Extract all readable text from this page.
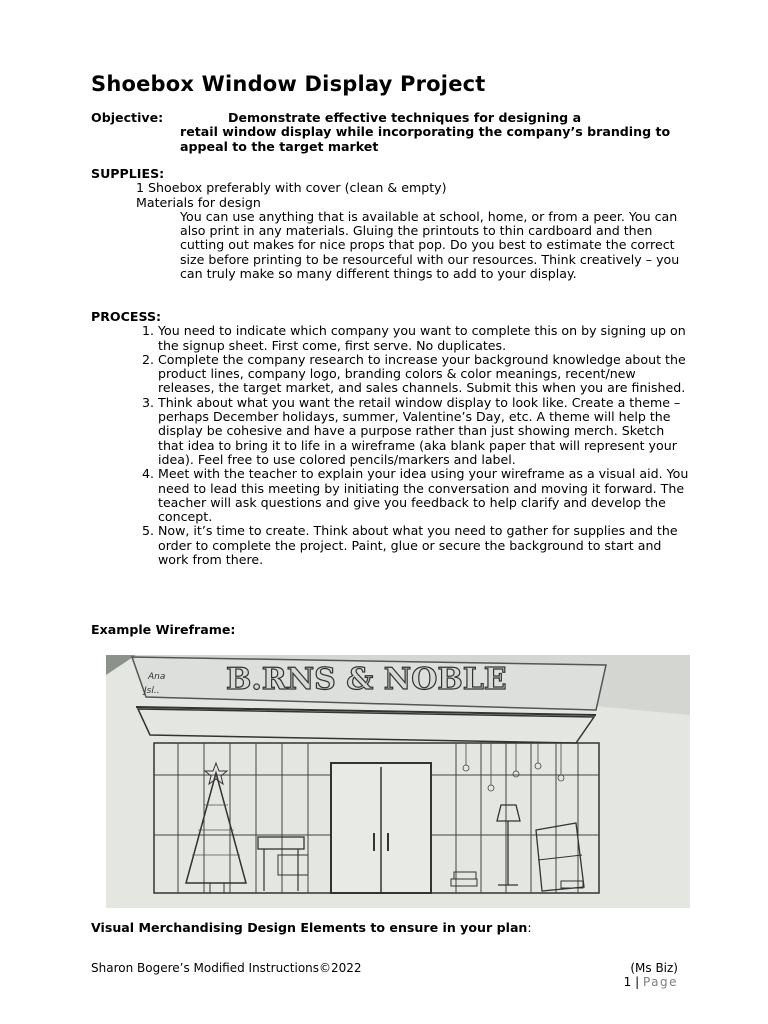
Shoebox Window Display Project
Objective:	Demonstrate effective techniques for designing a
retail window display while incorporating the company’s branding to appeal to the target market
SUPPLIES:
1 Shoebox preferably with cover (clean & empty)
Materials for design
You can use anything that is available at school, home, or from a peer. You can also print in any materials. Gluing the printouts to thin cardboard and then cutting out makes for nice props that pop. Do you best to estimate the correct size before printing to be resourceful with our resources. Think creatively – you can truly make so many different things to add to your display.
PROCESS:
1. You need to indicate which company you want to complete this on by signing up on the signup sheet. First come, first serve. No duplicates.
2. Complete the company research to increase your background knowledge about the product lines, company logo, branding colors & color meanings, recent/new releases, the target market, and sales channels. Submit this when you are finished.
3. Think about what you want the retail window display to look like. Create a theme – perhaps December holidays, summer, Valentine’s Day, etc. A theme will help the display be cohesive and have a purpose rather than just showing merch. Sketch that idea to bring it to life in a wireframe (aka blank paper that will represent your idea). Feel free to use colored pencils/markers and label.
4. Meet with the teacher to explain your idea using your wireframe as a visual aid. You need to lead this meeting by initiating the conversation and moving it forward. The teacher will ask questions and give you feedback to help clarify and develop the concept.
5. Now, it’s time to create. Think about what you need to gather for supplies and the order to complete the project. Paint, glue or secure the background to start and work from there.
Example Wireframe:
Visual Merchandising Design Elements to ensure in your plan:
B.RNS & NOBLE
Ana
Jsl..
Sharon Bogere’s Modified Instructions©2022	(Ms Biz)
1 | Page
